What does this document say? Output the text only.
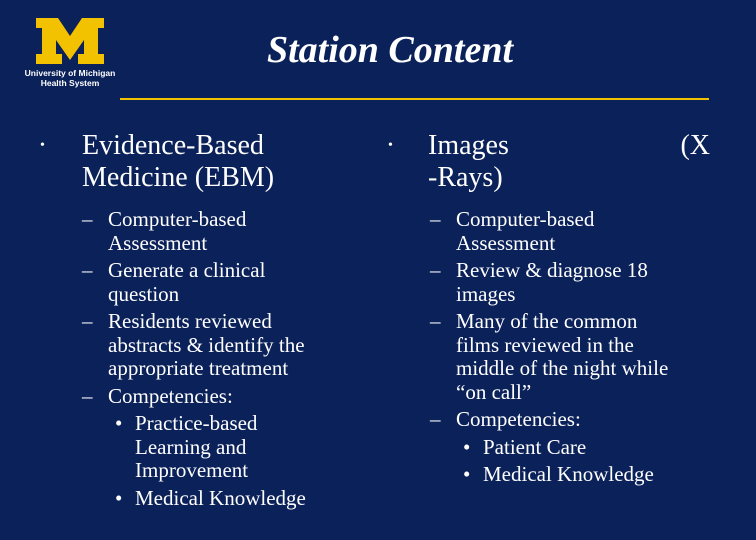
University of Michigan
Health System
Station Content
• Evidence-Based
Medicine (EBM)
– Computer-based
Assessment
– Generate a clinical
question
– Residents reviewed
abstracts & identify the
appropriate treatment
– Competencies:
• Practice-based
Learning and
Improvement
• Medical Knowledge
• Images	(X
-Rays)
– Computer-based
Assessment
– Review & diagnose 18
images
– Many of the common
films reviewed in the
middle of the night while
“on call”
– Competencies:
• Patient Care
• Medical Knowledge
